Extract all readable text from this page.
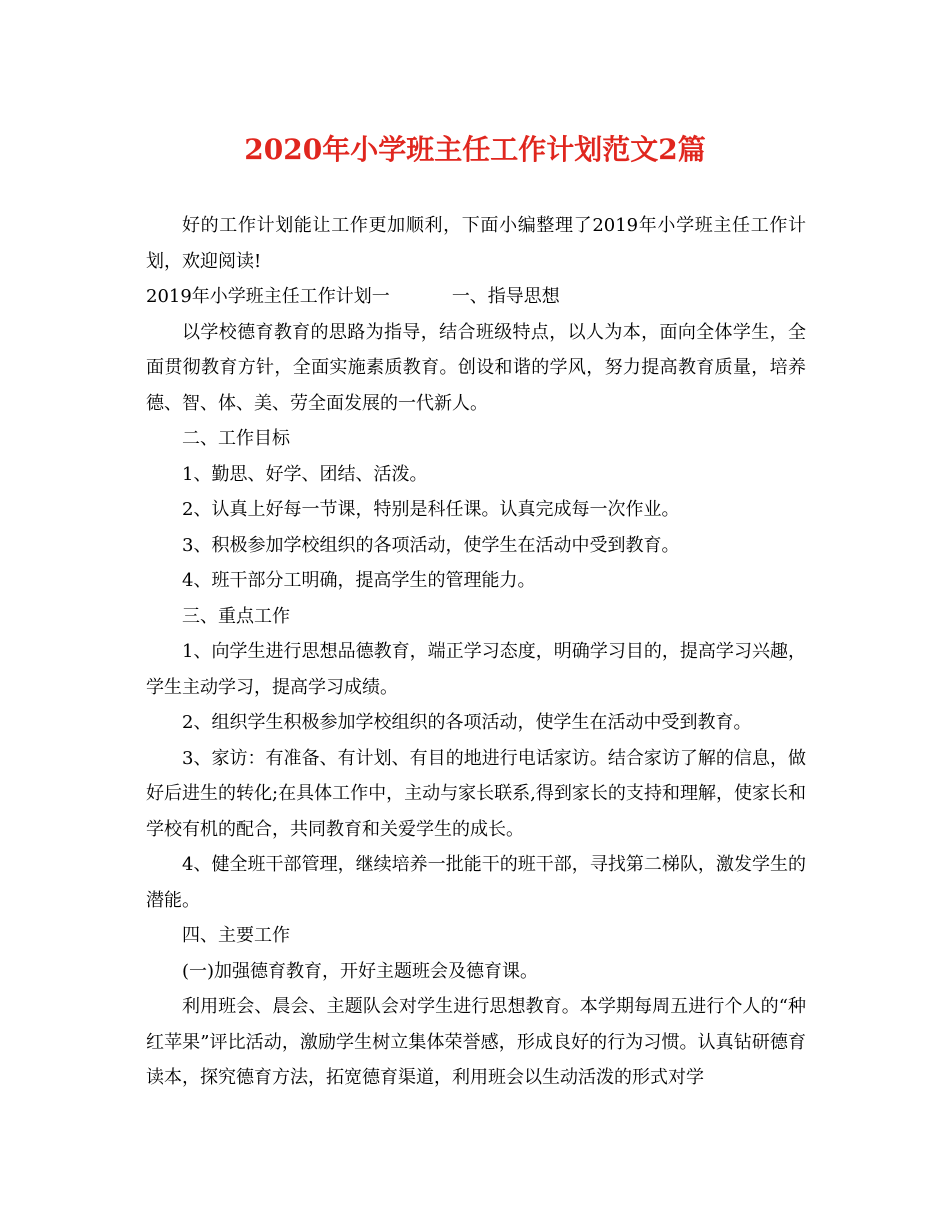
2020年小学班主任工作计划范文2篇

好的工作计划能让工作更加顺利，下面小编整理了2019年小学班主任工作计划，欢迎阅读!

2019年小学班主任工作计划一	一、指导思想

以学校德育教育的思路为指导，结合班级特点，以人为本，面向全体学生，全面贯彻教育方针，全面实施素质教育。创设和谐的学风，努力提高教育质量，培养德、智、体、美、劳全面发展的一代新人。

二、工作目标

1、勤思、好学、团结、活泼。

2、认真上好每一节课，特别是科任课。认真完成每一次作业。

3、积极参加学校组织的各项活动，使学生在活动中受到教育。

4、班干部分工明确，提高学生的管理能力。

三、重点工作

1、向学生进行思想品德教育，端正学习态度，明确学习目的，提高学习兴趣，学生主动学习，提高学习成绩。

2、组织学生积极参加学校组织的各项活动，使学生在活动中受到教育。

3、家访：有准备、有计划、有目的地进行电话家访。结合家访了解的信息，做好后进生的转化;在具体工作中，主动与家长联系,得到家长的支持和理解，使家长和学校有机的配合，共同教育和关爱学生的成长。

4、健全班干部管理，继续培养一批能干的班干部，寻找第二梯队，激发学生的潜能。

四、主要工作

(一)加强德育教育，开好主题班会及德育课。

利用班会、晨会、主题队会对学生进行思想教育。本学期每周五进行个人的“种红苹果”评比活动，激励学生树立集体荣誉感，形成良好的行为习惯。认真钻研德育读本，探究德育方法，拓宽德育渠道，利用班会以生动活泼的形式对学
